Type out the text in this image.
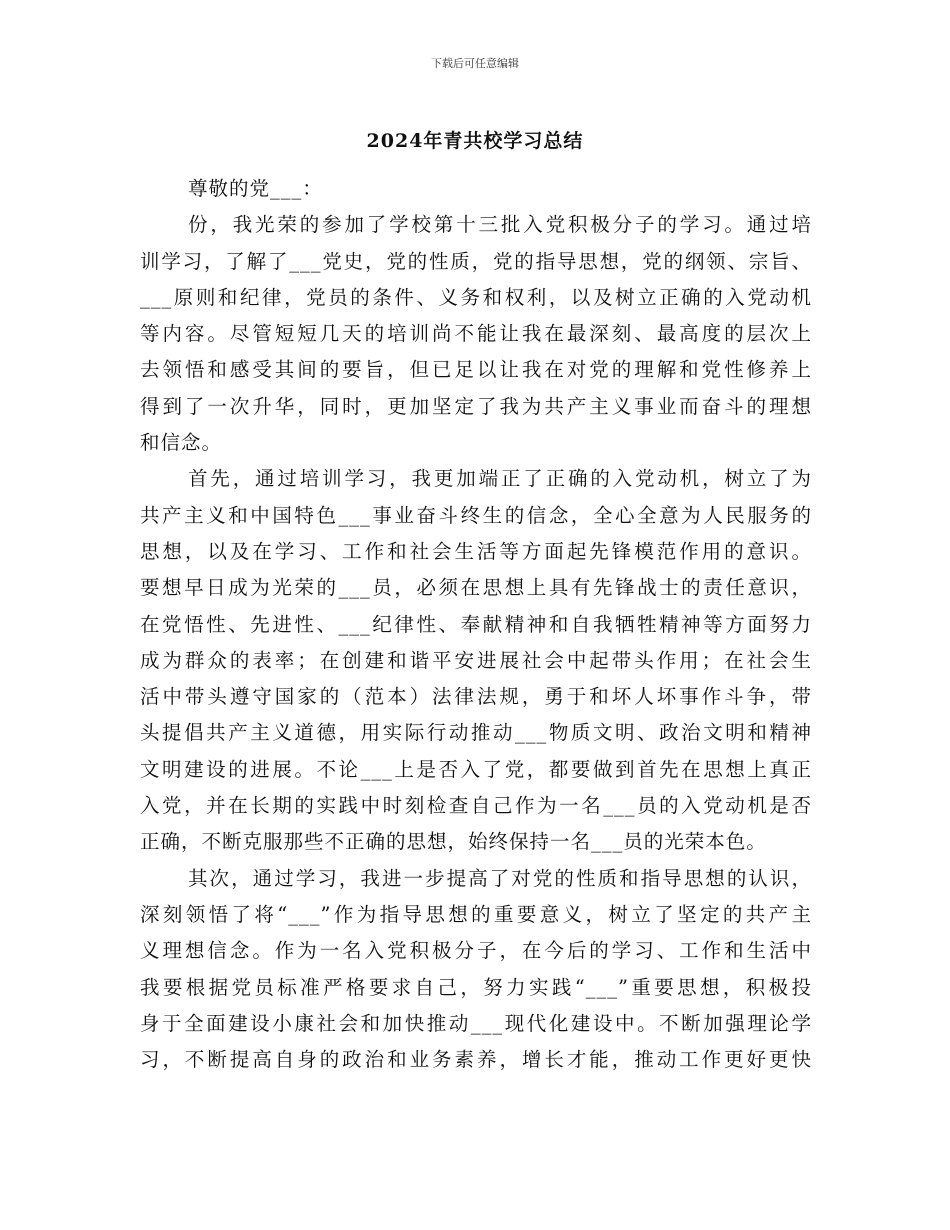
下载后可任意编辑
2024年青共校学习总结
尊敬的党___：
份，我光荣的参加了学校第十三批入党积极分子的学习。通过培
训学习，了解了___党史，党的性质，党的指导思想，党的纲领、宗旨、
___原则和纪律，党员的条件、义务和权利，以及树立正确的入党动机
等内容。尽管短短几天的培训尚不能让我在最深刻、最高度的层次上
去领悟和感受其间的要旨，但已足以让我在对党的理解和党性修养上
得到了一次升华，同时，更加坚定了我为共产主义事业而奋斗的理想
和信念。
首先，通过培训学习，我更加端正了正确的入党动机，树立了为
共产主义和中国特色___事业奋斗终生的信念，全心全意为人民服务的
思想，以及在学习、工作和社会生活等方面起先锋模范作用的意识。
要想早日成为光荣的___员，必须在思想上具有先锋战士的责任意识，
在党悟性、先进性、___纪律性、奉献精神和自我牺牲精神等方面努力
成为群众的表率；在创建和谐平安进展社会中起带头作用；在社会生
活中带头遵守国家的（范本）法律法规，勇于和坏人坏事作斗争，带
头提倡共产主义道德，用实际行动推动___物质文明、政治文明和精神
文明建设的进展。不论___上是否入了党，都要做到首先在思想上真正
入党，并在长期的实践中时刻检查自己作为一名___员的入党动机是否
正确，不断克服那些不正确的思想，始终保持一名___员的光荣本色。
其次，通过学习，我进一步提高了对党的性质和指导思想的认识，
深刻领悟了将“___”作为指导思想的重要意义，树立了坚定的共产主
义理想信念。作为一名入党积极分子，在今后的学习、工作和生活中
我要根据党员标准严格要求自己，努力实践“___”重要思想，积极投
身于全面建设小康社会和加快推动___现代化建设中。不断加强理论学
习，不断提高自身的政治和业务素养，增长才能，推动工作更好更快
